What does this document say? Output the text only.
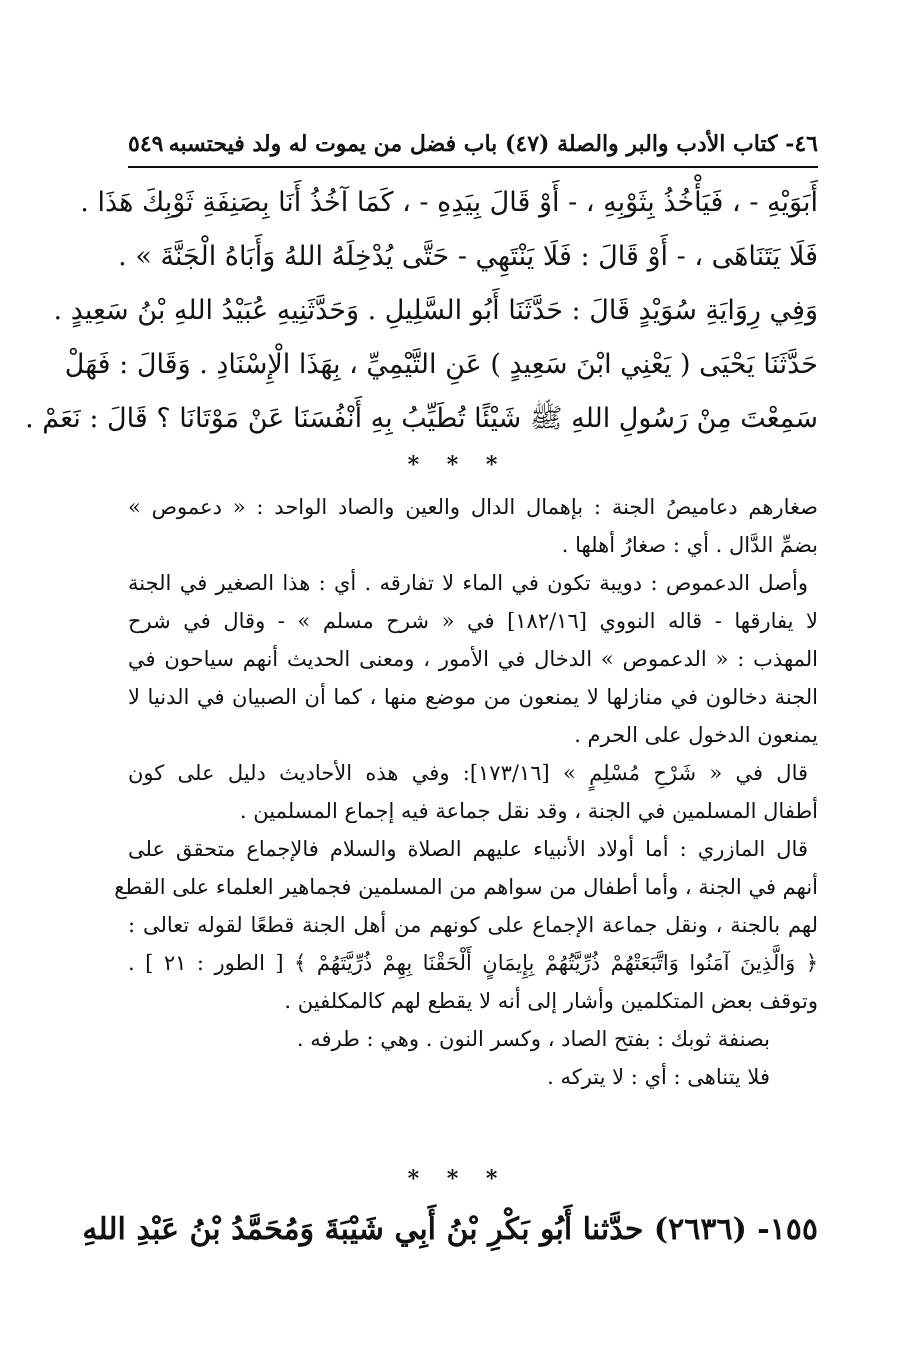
٤٦- كتاب الأدب والبر والصلة (٤٧) باب فضل من يموت له ولد فيحتسبه
٥٤٩
أَبَوَيْهِ - ، فَيَأْخُذُ بِثَوْبِهِ ، - أَوْ قَالَ بِيَدِهِ - ، كَمَا آخُذُ أَنَا بِصَنِفَةِ ثَوْبِكَ هَذَا .
فَلَا يَتَنَاهَى ، - أَوْ قَالَ : فَلَا يَنْتَهِي - حَتَّى يُدْخِلَهُ اللهُ وَأَبَاهُ الْجَنَّةَ » .
وَفِي رِوَايَةِ سُوَيْدٍ قَالَ : حَدَّثَنَا أَبُو السَّلِيلِ . وَحَدَّثَنِيهِ عُبَيْدُ اللهِ بْنُ سَعِيدٍ .
حَدَّثَنَا يَحْيَى ( يَعْنِي ابْنَ سَعِيدٍ ) عَنِ التَّيْمِيِّ ، بِهَذَا الْإِسْنَادِ . وَقَالَ : فَهَلْ
سَمِعْتَ مِنْ رَسُولِ اللهِ ﷺ شَيْئًا تُطَيِّبُ بِهِ أَنْفُسَنَا عَنْ مَوْتَانَا ؟ قَالَ : نَعَمْ .
* * *
صغارهم دعاميصُ الجنة : بإهمال الدال والعين والصاد الواحد : « دعموص »
بضمِّ الدَّال . أي : صغارُ أهلها .
وأصل الدعموص : دويبة تكون في الماء لا تفارقه . أي : هذا الصغير في الجنة
لا يفارقها - قاله النووي [١٨٢/١٦] في « شرح مسلم » - وقال في شرح
المهذب : « الدعموص » الدخال في الأمور ، ومعنى الحديث أنهم سياحون في
الجنة دخالون في منازلها لا يمنعون من موضع منها ، كما أن الصبيان في الدنيا لا
يمنعون الدخول على الحرم .
قال في « شَرْحِ مُسْلِمٍ » [١٧٣/١٦]: وفي هذه الأحاديث دليل على كون
أطفال المسلمين في الجنة ، وقد نقل جماعة فيه إجماع المسلمين .
قال المازري : أما أولاد الأنبياء عليهم الصلاة والسلام فالإجماع متحقق على
أنهم في الجنة ، وأما أطفال من سواهم من المسلمين فجماهير العلماء على القطع
لهم بالجنة ، ونقل جماعة الإجماع على كونهم من أهل الجنة قطعًا لقوله تعالى :
﴿ وَالَّذِينَ آمَنُوا وَاتَّبَعَتْهُمْ ذُرِّيَّتُهُمْ بِإِيمَانٍ أَلْحَقْنَا بِهِمْ ذُرِّيَّتَهُمْ ﴾ [ الطور : ٢١ ] .
وتوقف بعض المتكلمين وأشار إلى أنه لا يقطع لهم كالمكلفين .
بصنفة ثوبك : بفتح الصاد ، وكسر النون . وهي : طرفه .
فلا يتناهى : أي : لا يتركه .
* * *
١٥٥- (٢٦٣٦) حدَّثنا أَبُو بَكْرِ بْنُ أَبِي شَيْبَةَ وَمُحَمَّدُ بْنُ عَبْدِ اللهِ
